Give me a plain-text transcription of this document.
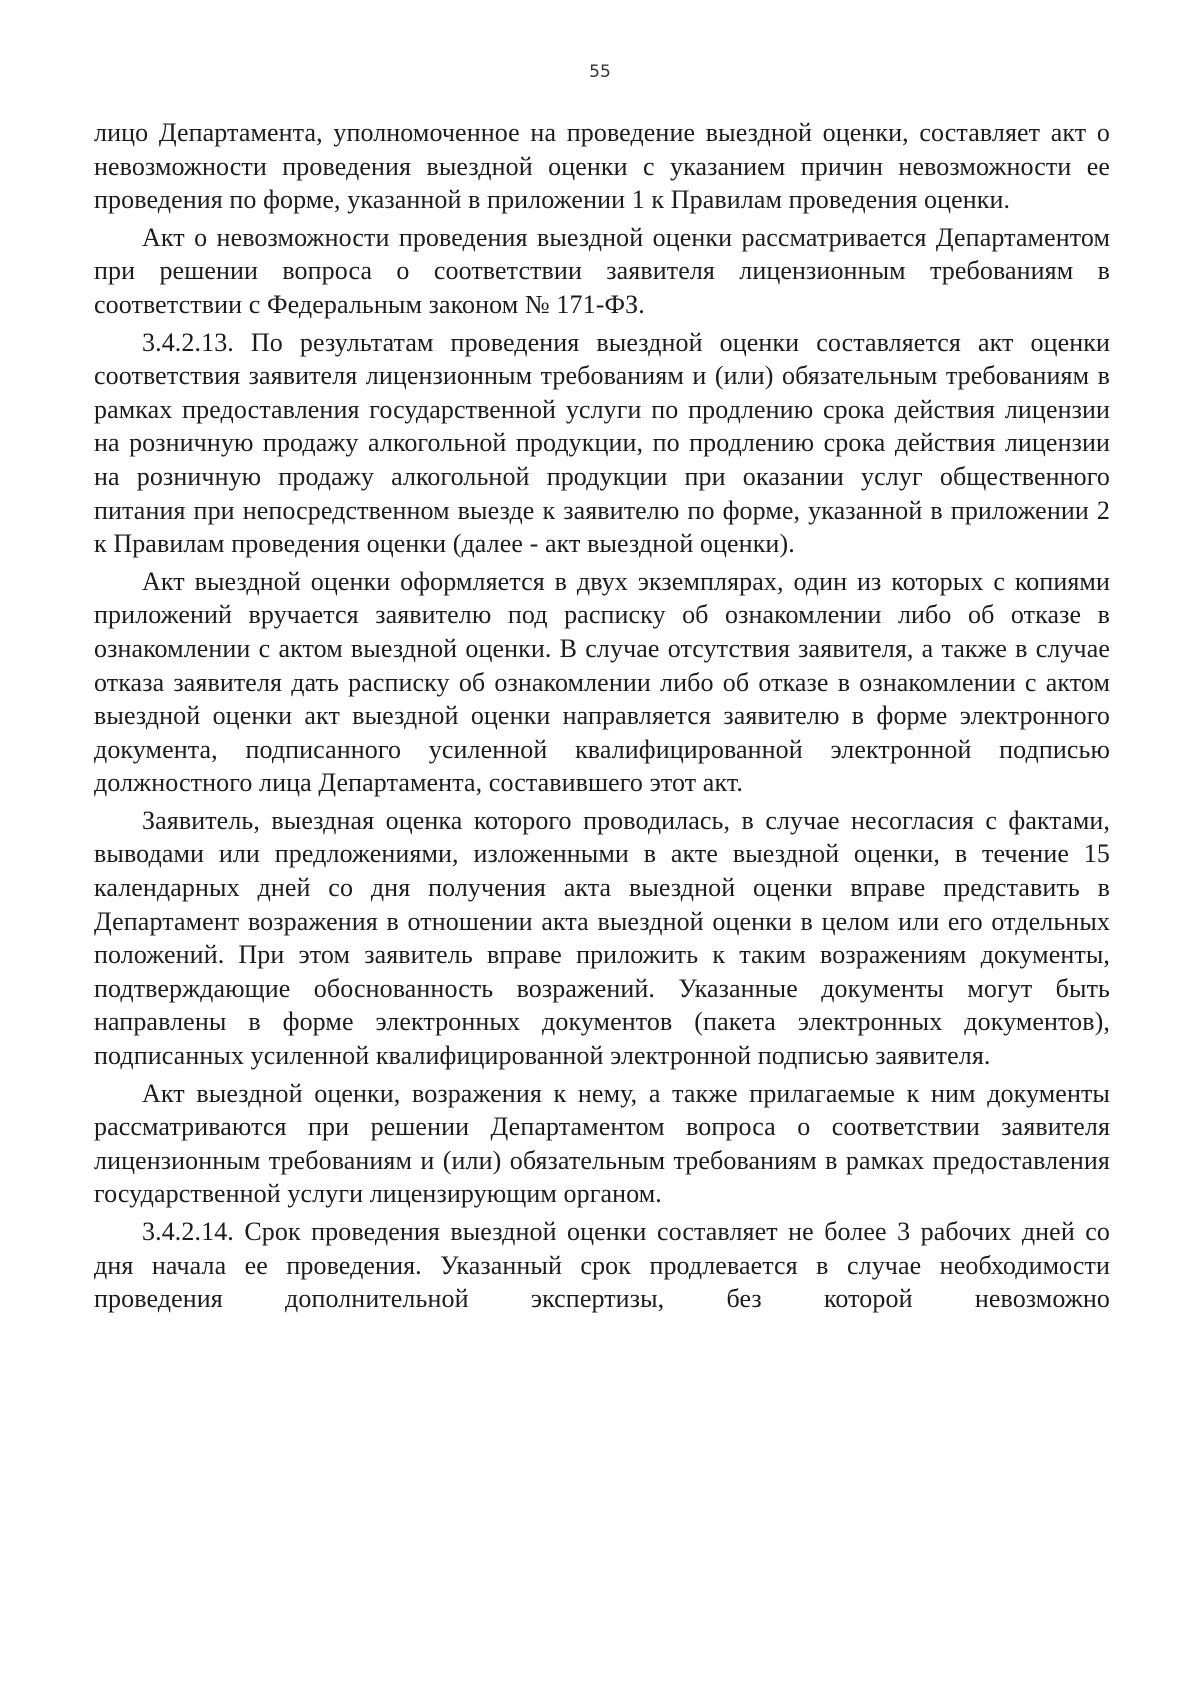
55

лицо Департамента, уполномоченное на проведение выездной оценки, составляет акт о невозможности проведения выездной оценки с указанием причин невозможности ее проведения по форме, указанной в приложении 1 к Правилам проведения оценки.

Акт о невозможности проведения выездной оценки рассматривается Департаментом при решении вопроса о соответствии заявителя лицензионным требованиям в соответствии с Федеральным законом № 171-ФЗ.

3.4.2.13. По результатам проведения выездной оценки составляется акт оценки соответствия заявителя лицензионным требованиям и (или) обязательным требованиям в рамках предоставления государственной услуги по продлению срока действия лицензии на розничную продажу алкогольной продукции, по продлению срока действия лицензии на розничную продажу алкогольной продукции при оказании услуг общественного питания при непосредственном выезде к заявителю по форме, указанной в приложении 2 к Правилам проведения оценки (далее - акт выездной оценки).

Акт выездной оценки оформляется в двух экземплярах, один из которых с копиями приложений вручается заявителю под расписку об ознакомлении либо об отказе в ознакомлении с актом выездной оценки. В случае отсутствия заявителя, а также в случае отказа заявителя дать расписку об ознакомлении либо об отказе в ознакомлении с актом выездной оценки акт выездной оценки направляется заявителю в форме электронного документа, подписанного усиленной квалифицированной электронной подписью должностного лица Департамента, составившего этот акт.

Заявитель, выездная оценка которого проводилась, в случае несогласия с фактами, выводами или предложениями, изложенными в акте выездной оценки, в течение 15 календарных дней со дня получения акта выездной оценки вправе представить в Департамент возражения в отношении акта выездной оценки в целом или его отдельных положений. При этом заявитель вправе приложить к таким возражениям документы, подтверждающие обоснованность возражений. Указанные документы могут быть направлены в форме электронных документов (пакета электронных документов), подписанных усиленной квалифицированной электронной подписью заявителя.

Акт выездной оценки, возражения к нему, а также прилагаемые к ним документы рассматриваются при решении Департаментом вопроса о соответствии заявителя лицензионным требованиям и (или) обязательным требованиям в рамках предоставления государственной услуги лицензирующим органом.

3.4.2.14. Срок проведения выездной оценки составляет не более 3 рабочих дней со дня начала ее проведения. Указанный срок продлевается в случае необходимости проведения дополнительной экспертизы, без которой невозможно
